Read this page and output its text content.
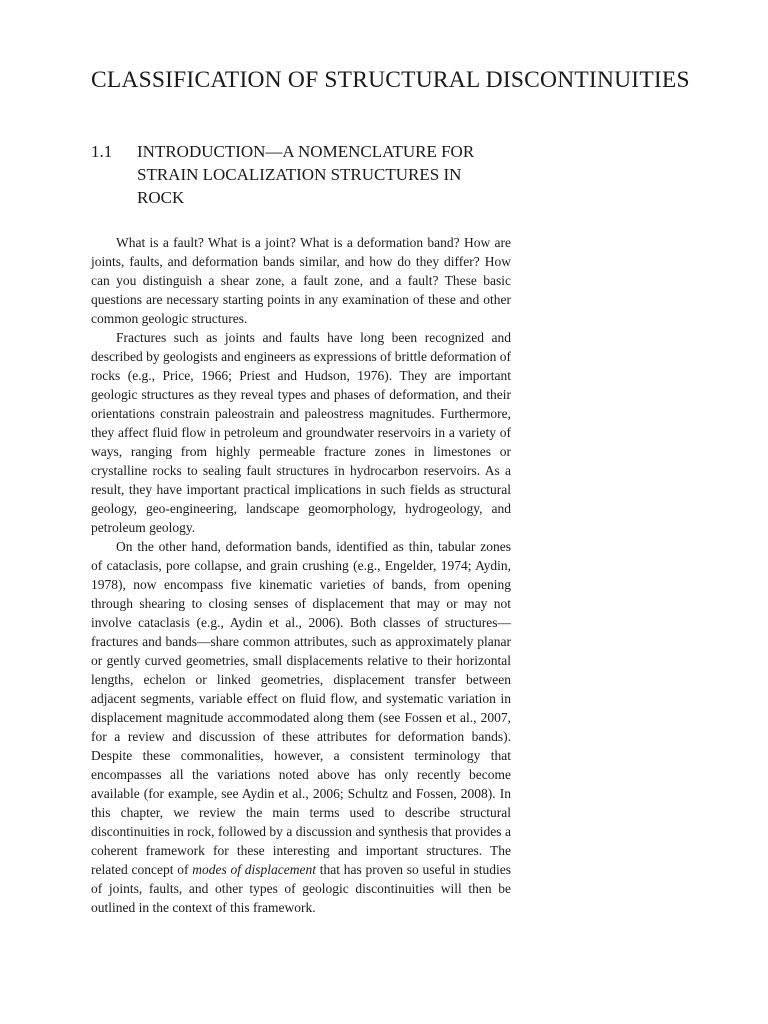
CLASSIFICATION OF STRUCTURAL DISCONTINUITIES
1.1	INTRODUCTION—A NOMENCLATURE FOR STRAIN LOCALIZATION STRUCTURES IN ROCK

What is a fault? What is a joint? What is a deformation band? How are joints, faults, and deformation bands similar, and how do they differ? How can you distinguish a shear zone, a fault zone, and a fault? These basic questions are necessary starting points in any examination of these and other common geologic structures.

Fractures such as joints and faults have long been recognized and described by geologists and engineers as expressions of brittle deformation of rocks (e.g., Price, 1966; Priest and Hudson, 1976). They are important geologic structures as they reveal types and phases of deformation, and their orientations constrain paleostrain and paleostress magnitudes. Furthermore, they affect fluid flow in petroleum and groundwater reservoirs in a variety of ways, ranging from highly permeable fracture zones in limestones or crystalline rocks to sealing fault structures in hydrocarbon reservoirs. As a result, they have important practical implications in such fields as structural geology, geo-engineering, landscape geomorphology, hydrogeology, and petroleum geology.

On the other hand, deformation bands, identified as thin, tabular zones of cataclasis, pore collapse, and grain crushing (e.g., Engelder, 1974; Aydin, 1978), now encompass five kinematic varieties of bands, from opening through shearing to closing senses of displacement that may or may not involve cataclasis (e.g., Aydin et al., 2006). Both classes of structures—fractures and bands—share common attributes, such as approximately planar or gently curved geometries, small displacements relative to their horizontal lengths, echelon or linked geometries, displacement transfer between adjacent segments, variable effect on fluid flow, and systematic variation in displacement magnitude accommodated along them (see Fossen et al., 2007, for a review and discussion of these attributes for deformation bands). Despite these commonalities, however, a consistent terminology that encompasses all the variations noted above has only recently become available (for example, see Aydin et al., 2006; Schultz and Fossen, 2008). In this chapter, we review the main terms used to describe structural discontinuities in rock, followed by a discussion and synthesis that provides a coherent framework for these interesting and important structures. The related concept of modes of displacement that has proven so useful in studies of joints, faults, and other types of geologic discontinuities will then be outlined in the context of this framework.
